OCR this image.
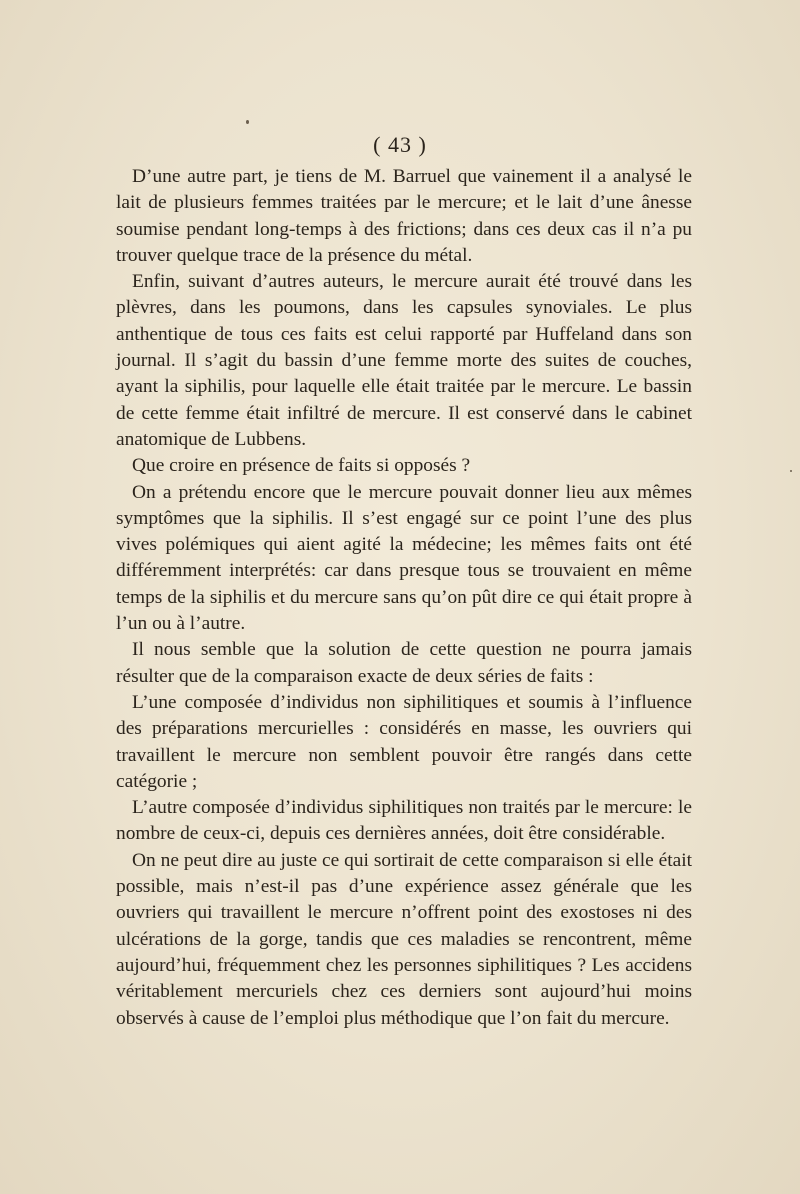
( 43 )

D’une autre part, je tiens de M. Barruel que vainement il a analysé le lait de plusieurs femmes traitées par le mercure; et le lait d’une ânesse soumise pendant long-temps à des frictions; dans ces deux cas il n’a pu trouver quelque trace de la présence du métal.

Enfin, suivant d’autres auteurs, le mercure aurait été trouvé dans les plèvres, dans les poumons, dans les capsules synoviales. Le plus anthentique de tous ces faits est celui rapporté par Huffeland dans son journal. Il s’agit du bassin d’une femme morte des suites de couches, ayant la siphilis, pour laquelle elle était traitée par le mercure. Le bassin de cette femme était infiltré de mercure. Il est conservé dans le cabinet anatomique de Lubbens.

Que croire en présence de faits si opposés ?

On a prétendu encore que le mercure pouvait donner lieu aux mêmes symptômes que la siphilis. Il s’est engagé sur ce point l’une des plus vives polémiques qui aient agité la médecine; les mêmes faits ont été différemment interprétés: car dans presque tous se trouvaient en même temps de la siphilis et du mercure sans qu’on pût dire ce qui était propre à l’un ou à l’autre.

Il nous semble que la solution de cette question ne pourra jamais résulter que de la comparaison exacte de deux séries de faits :

L’une composée d’individus non siphilitiques et soumis à l’influence des préparations mercurielles : considérés en masse, les ouvriers qui travaillent le mercure non semblent pouvoir être rangés dans cette catégorie ;

L’autre composée d’individus siphilitiques non traités par le mercure: le nombre de ceux-ci, depuis ces dernières années, doit être considérable.

On ne peut dire au juste ce qui sortirait de cette comparaison si elle était possible, mais n’est-il pas d’une expérience assez générale que les ouvriers qui travaillent le mercure n’offrent point des exostoses ni des ulcérations de la gorge, tandis que ces maladies se rencontrent, même aujourd’hui, fréquemment chez les personnes siphilitiques ? Les accidens véritablement mercuriels chez ces derniers sont aujourd’hui moins observés à cause de l’emploi plus méthodique que l’on fait du mercure.
